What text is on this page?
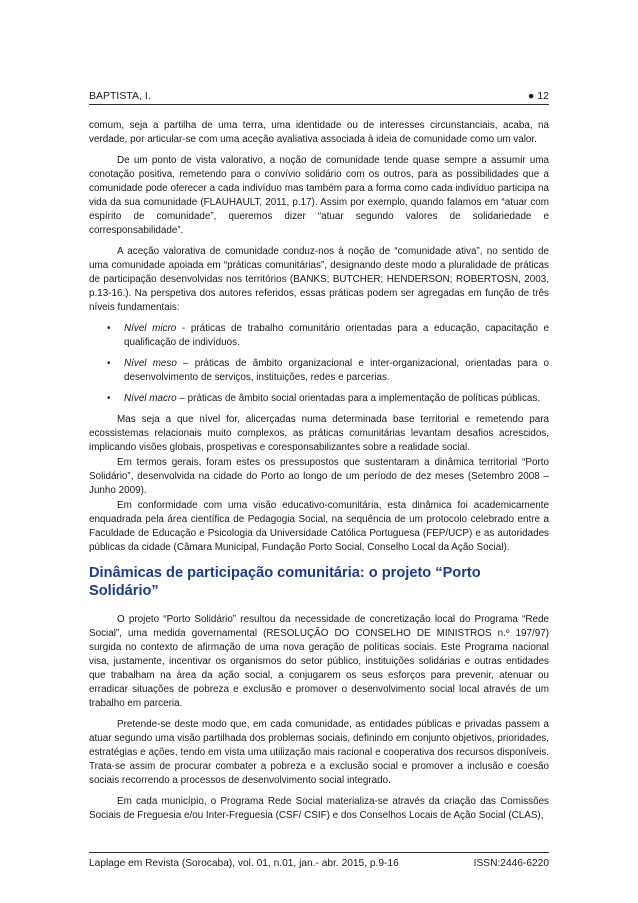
BAPTISTA, I.	● 12

comum, seja a partilha de uma terra, uma identidade ou de interesses circunstanciais, acaba, na verdade, por articular-se com uma aceção avaliativa associada à ideia de comunidade como um valor.

De um ponto de vista valorativo, a noção de comunidade tende quase sempre a assumir uma conotação positiva, remetendo para o convívio solidário com os outros, para as possibilidades que a comunidade pode oferecer a cada indivíduo mas também para a forma como cada indivíduo participa na vida da sua comunidade (FLAUHAULT, 2011, p.17). Assim por exemplo, quando falamos em “atuar com espírito de comunidade”, queremos dizer “atuar segundo valores de solidariedade e corresponsabilidade”.

A aceção valorativa de comunidade conduz-nos à noção de “comunidade ativa”, no sentido de uma comunidade apoiada em “práticas comunitárias”, designando deste modo a pluralidade de práticas de participação desenvolvidas nos territórios (BANKS; BUTCHER; HENDERSON; ROBERTOSN, 2003, p.13-16.). Na perspetiva dos autores referidos, essas práticas podem ser agregadas em função de três níveis fundamentais:

• Nível micro - práticas de trabalho comunitário orientadas para a educação, capacitação e qualificação de indivíduos.
• Nível meso – práticas de âmbito organizacional e inter-organizacional, orientadas para o desenvolvimento de serviços, instituições, redes e parcerias.
• Nível macro – práticas de âmbito social orientadas para a implementação de políticas públicas.

Mas seja a que nível for, alicerçadas numa determinada base territorial e remetendo para ecossistemas relacionais muito complexos, as práticas comunitárias levantam desafios acrescidos, implicando visões globais, prospetivas e coresponsabilizantes sobre a realidade social.

Em termos gerais, foram estes os pressupostos que sustentaram a dinâmica territorial “Porto Solidário”, desenvolvida na cidade do Porto ao longo de um período de dez meses (Setembro 2008 – Junho 2009).

Em conformidade com uma visão educativo-comunitária, esta dinâmica foi academicamente enquadrada pela área científica de Pedagogia Social, na sequência de um protocolo celebrado entre a Faculdade de Educação e Psicologia da Universidade Católica Portuguesa (FEP/UCP) e as autoridades públicas da cidade (Câmara Municipal, Fundação Porto Social, Conselho Local da Ação Social).

Dinâmicas de participação comunitária: o projeto “Porto Solidário”

O projeto “Porto Solidário” resultou da necessidade de concretização local do Programa “Rede Social”, uma medida governamental (RESOLUÇÃO DO CONSELHO DE MINISTROS n.º 197/97) surgida no contexto de afirmação de uma nova geração de políticas sociais. Este Programa nacional visa, justamente, incentivar os organismos do setor público, instituições solidárias e outras entidades que trabalham na área da ação social, a conjugarem os seus esforços para prevenir, atenuar ou erradicar situações de pobreza e exclusão e promover o desenvolvimento social local através de um trabalho em parceria.

Pretende-se deste modo que, em cada comunidade, as entidades públicas e privadas passem a atuar segundo uma visão partilhada dos problemas sociais, definindo em conjunto objetivos, prioridades, estratégias e ações, tendo em vista uma utilização mais racional e cooperativa dos recursos disponíveis. Trata-se assim de procurar combater a pobreza e a exclusão social e promover a inclusão e coesão sociais recorrendo a processos de desenvolvimento social integrado.

Em cada município, o Programa Rede Social materializa-se através da criação das Comissões Sociais de Freguesia e/ou Inter-Freguesia (CSF/ CSIF) e dos Conselhos Locais de Ação Social (CLAS),

Laplage em Revista (Sorocaba), vol. 01, n.01, jan.- abr. 2015, p.9-16	ISSN:2446-6220
